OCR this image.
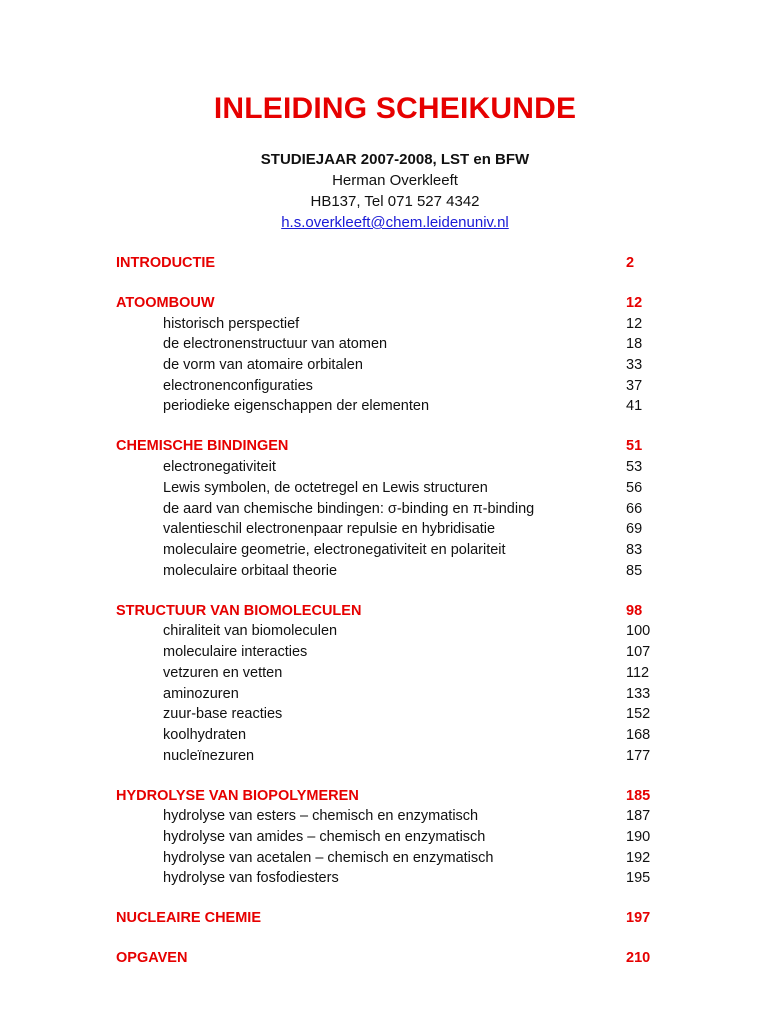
INLEIDING SCHEIKUNDE
STUDIEJAAR 2007-2008, LST en BFW
Herman Overkleeft
HB137, Tel 071 527 4342
h.s.overkleeft@chem.leidenuniv.nl
INTRODUCTIE	2
ATOOMBOUW	12
historisch perspectief	12
de electronenstructuur van atomen	18
de vorm van atomaire orbitalen	33
electronenconfiguraties	37
periodieke eigenschappen der elementen	41
CHEMISCHE BINDINGEN	51
electronegativiteit	53
Lewis symbolen, de octetregel en Lewis structuren	56
de aard van chemische bindingen: σ-binding en π-binding	66
valentieschil electronenpaar repulsie en hybridisatie	69
moleculaire geometrie, electronegativiteit en polariteit	83
moleculaire orbitaal theorie	85
STRUCTUUR VAN BIOMOLECULEN	98
chiraliteit van biomoleculen	100
moleculaire interacties	107
vetzuren en vetten	112
aminozuren	133
zuur-base reacties	152
koolhydraten	168
nucleïnezuren	177
HYDROLYSE VAN BIOPOLYMEREN	185
hydrolyse van esters – chemisch en enzymatisch	187
hydrolyse van amides – chemisch en enzymatisch	190
hydrolyse van acetalen – chemisch en enzymatisch	192
hydrolyse van fosfodiesters	195
NUCLEAIRE CHEMIE	197
OPGAVEN	210
